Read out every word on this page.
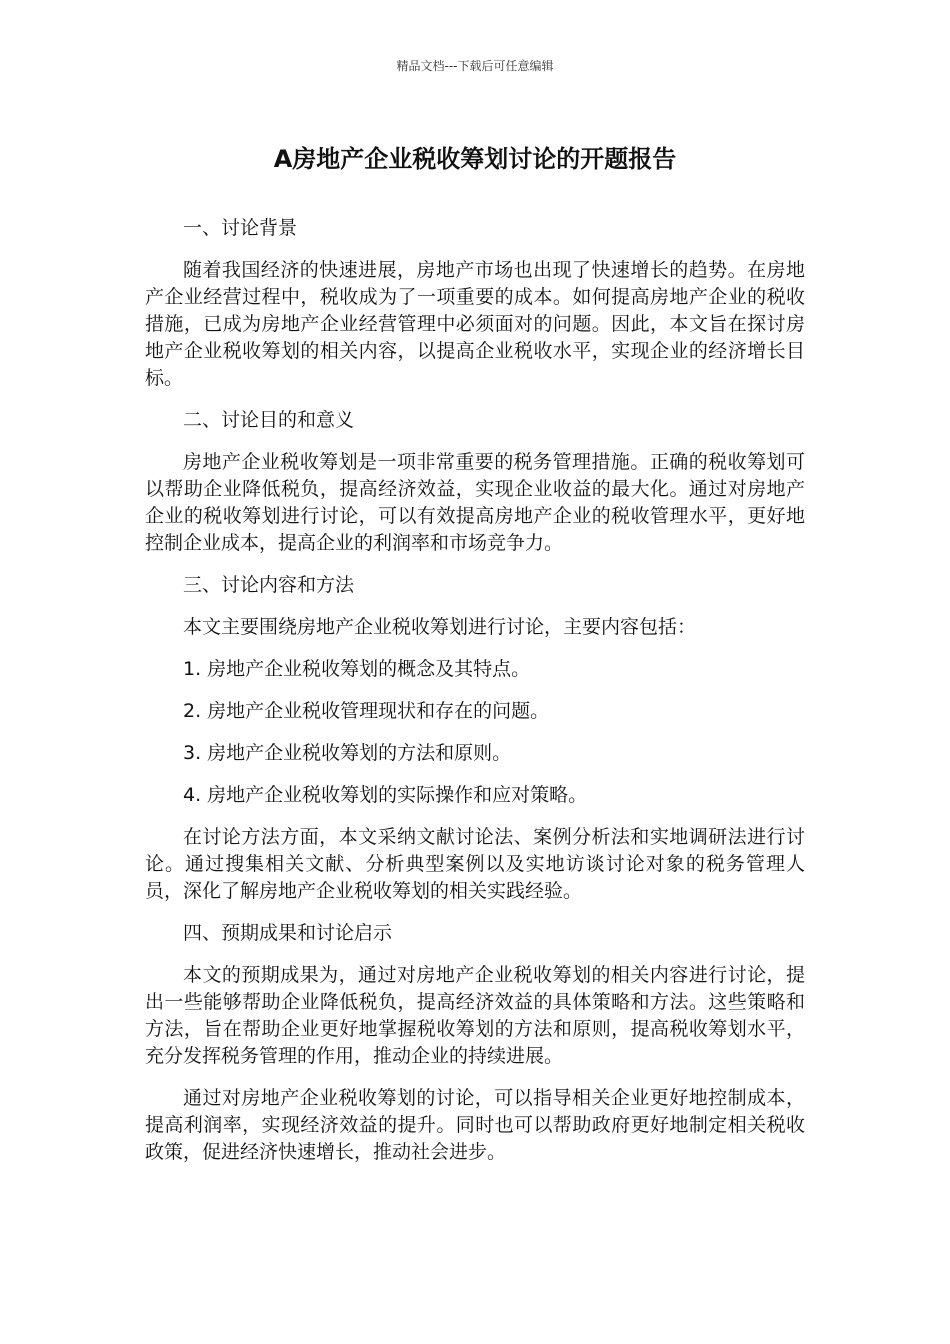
精品文档---下载后可任意编辑
A房地产企业税收筹划讨论的开题报告

一、讨论背景

随着我国经济的快速进展，房地产市场也出现了快速增长的趋势。在房地产企业经营过程中，税收成为了一项重要的成本。如何提高房地产企业的税收措施，已成为房地产企业经营管理中必须面对的问题。因此，本文旨在探讨房地产企业税收筹划的相关内容，以提高企业税收水平，实现企业的经济增长目标。

二、讨论目的和意义

房地产企业税收筹划是一项非常重要的税务管理措施。正确的税收筹划可以帮助企业降低税负，提高经济效益，实现企业收益的最大化。通过对房地产企业的税收筹划进行讨论，可以有效提高房地产企业的税收管理水平，更好地控制企业成本，提高企业的利润率和市场竞争力。

三、讨论内容和方法

本文主要围绕房地产企业税收筹划进行讨论，主要内容包括：

1. 房地产企业税收筹划的概念及其特点。

2. 房地产企业税收管理现状和存在的问题。

3. 房地产企业税收筹划的方法和原则。

4. 房地产企业税收筹划的实际操作和应对策略。

在讨论方法方面，本文采纳文献讨论法、案例分析法和实地调研法进行讨论。通过搜集相关文献、分析典型案例以及实地访谈讨论对象的税务管理人员，深化了解房地产企业税收筹划的相关实践经验。

四、预期成果和讨论启示

本文的预期成果为，通过对房地产企业税收筹划的相关内容进行讨论，提出一些能够帮助企业降低税负，提高经济效益的具体策略和方法。这些策略和方法，旨在帮助企业更好地掌握税收筹划的方法和原则，提高税收筹划水平，充分发挥税务管理的作用，推动企业的持续进展。

通过对房地产企业税收筹划的讨论，可以指导相关企业更好地控制成本，提高利润率，实现经济效益的提升。同时也可以帮助政府更好地制定相关税收政策，促进经济快速增长，推动社会进步。
